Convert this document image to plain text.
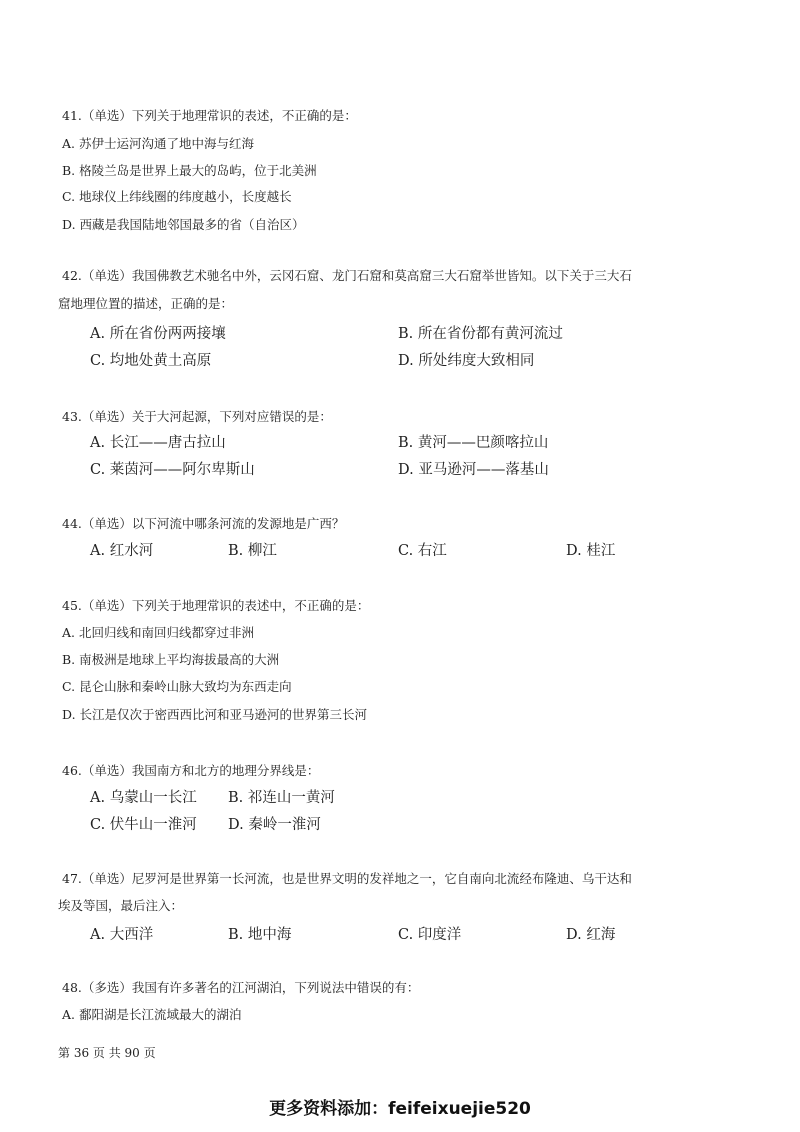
41.（单选）下列关于地理常识的表述，不正确的是：
A. 苏伊士运河沟通了地中海与红海
B. 格陵兰岛是世界上最大的岛屿，位于北美洲
C. 地球仪上纬线圈的纬度越小，长度越长
D. 西藏是我国陆地邻国最多的省（自治区）
42.（单选）我国佛教艺术驰名中外，云冈石窟、龙门石窟和莫高窟三大石窟举世皆知。以下关于三大石
窟地理位置的描述，正确的是：
A. 所在省份两两接壤	B. 所在省份都有黄河流过
C. 均地处黄土高原	D. 所处纬度大致相同
43.（单选）关于大河起源，下列对应错误的是：
A. 长江——唐古拉山	B. 黄河——巴颜喀拉山
C. 莱茵河——阿尔卑斯山	D. 亚马逊河——落基山
44.（单选）以下河流中哪条河流的发源地是广西？
A. 红水河	B. 柳江	C. 右江	D. 桂江
45.（单选）下列关于地理常识的表述中，不正确的是：
A. 北回归线和南回归线都穿过非洲
B. 南极洲是地球上平均海拔最高的大洲
C. 昆仑山脉和秦岭山脉大致均为东西走向
D. 长江是仅次于密西西比河和亚马逊河的世界第三长河
46.（单选）我国南方和北方的地理分界线是：
A. 乌蒙山一长江 B. 祁连山一黄河
C. 伏牛山一淮河 D. 秦岭一淮河
47.（单选）尼罗河是世界第一长河流，也是世界文明的发祥地之一，它自南向北流经布隆迪、乌干达和
埃及等国，最后注入：
A. 大西洋	B. 地中海	C. 印度洋	D. 红海
48.（多选）我国有许多著名的江河湖泊，下列说法中错误的有：
A. 鄱阳湖是长江流域最大的湖泊
第 36 页 共 90 页
更多资料添加：feifeixuejie520
